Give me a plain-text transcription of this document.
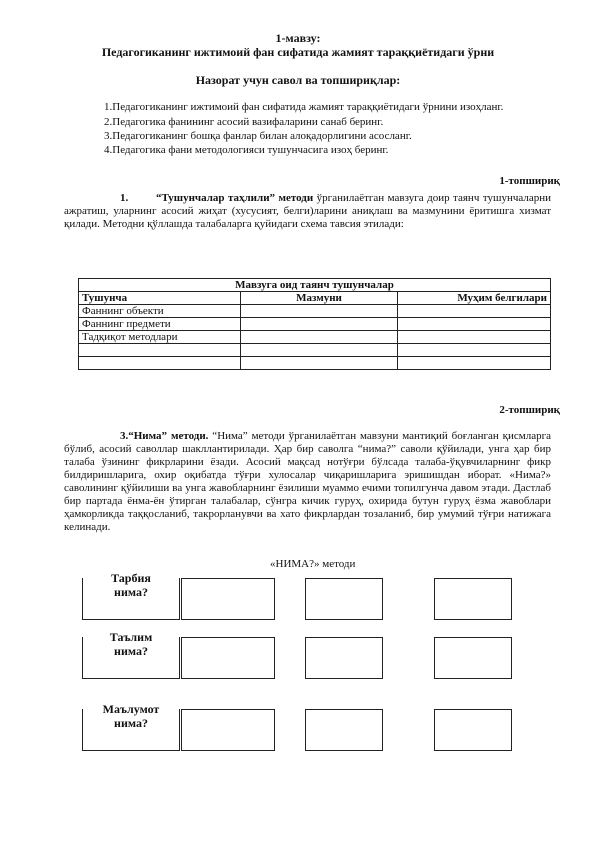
1-мавзу:
Педагогиканинг ижтимоий фан сифатида жамият тараққиётидаги ўрни
Назорат учун савол ва топшириқлар:
1.Педагогиканинг ижтимоий фан сифатида жамият тараққиётидаги ўрнини изоҳланг.
2.Педагогика фанининг асосий вазифаларини санаб беринг.
3.Педагогиканинг бошқа фанлар билан алоқадорлигини асосланг.
4.Педагогика фани методологияси тушунчасига изоҳ беринг.
1-топшириқ
1.	“Тушунчалар таҳлили” методи ўрганилаётган мавзуга доир таянч тушунчаларни ажратиш, уларнинг асосий жиҳат (хусусият, белги)ларини аниқлаш ва мазмунини ёритишга хизмат қилади. Методни қўллашда талабаларга қуйидаги схема тавсия этилади:
Мавзуга оид таянч тушунчалар		
Тушунча	Мазмуни	Муҳим белгилари
Фаннинг объекти		
Фаннинг предмети		
Тадқиқот методлари		

2-топшириқ
3.“Нима” методи. “Нима” методи ўрганилаётган мавзуни мантиқий боғланган қисмларга бўлиб, асосий саволлар шакллантирилади. Ҳар бир саволга “нима?” саволи қўйилади, унга ҳар бир талаба ўзининг фикрларини ёзади. Асосий мақсад нотўғри бўлсада талаба-ўқувчиларнинг фикр билдиришларига, охир оқибатда тўғри хулосалар чиқаришларига эришишдан иборат. «Нима?» саволининг қўйилиши ва унга жавобларнинг ёзилиши муаммо ечими топилгунча давом этади. Дастлаб бир партада ёнма-ён ўтирган талабалар, сўнгра кичик гуруҳ, охирида бутун гуруҳ ёзма жавоблари ҳамкорликда таққосланиб, такрорланувчи ва хато фикрлардан тозаланиб, бир умумий тўғри натижага келинади.
«НИМА?» методи
Тарбия
нима?
Таълим
нима?
Маълумот
нима?
